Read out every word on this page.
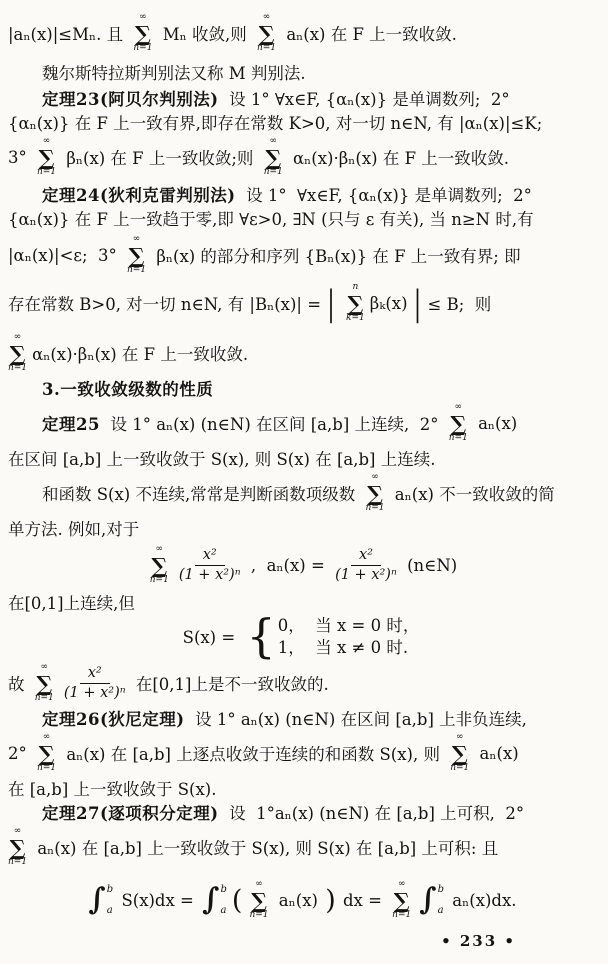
|aₙ(x)|≤Mₙ. 且
∞
∑
n=1
Mₙ 收敛,则
∞
∑
n=1
aₙ(x) 在 F 上一致收敛.
魏尔斯特拉斯判别法又称 M 判别法.
定理23(阿贝尔判别法) 设 1° ∀x∈F, {αₙ(x)} 是单调数列;  2°
{αₙ(x)} 在 F 上一致有界,即存在常数 K>0, 对一切 n∈N, 有 |αₙ(x)|≤K;
3°
∞
∑
n=1
βₙ(x) 在 F 上一致收敛;则
∞
∑
n=1
αₙ(x)·βₙ(x) 在 F 上一致收敛.
定理24(狄利克雷判别法) 设 1°  ∀x∈F, {αₙ(x)} 是单调数列;  2°
{αₙ(x)} 在 F 上一致趋于零,即 ∀ε>0, ∃N (只与 ε 有关), 当 n≥N 时,有
|αₙ(x)|<ε;  3°
∞
∑
n=1
βₙ(x) 的部分和序列 {Bₙ(x)} 在 F 上一致有界; 即
存在常数 B>0, 对一切 n∈N, 有 |Bₙ(x)| = | n
∑
k=1
βₖ(x) | ≤ B;  则
∞
∑
n=1
αₙ(x)·βₙ(x) 在 F 上一致收敛.
3.一致收敛级数的性质
定理25 设 1° aₙ(x) (n∈N) 在区间 [a,b] 上连续,  2°
∞
∑
n=1
aₙ(x)
在区间 [a,b] 上一致收敛于 S(x), 则 S(x) 在 [a,b] 上连续.
和函数 S(x) 不连续,常常是判断函数项级数
∞
∑
n=1
aₙ(x) 不一致收敛的简
单方法. 例如,对于
∞
∑
$n=1 \frac{\text{x²}}{\text{(1 + x²)ⁿ}}$ ,  $a_n(x) = \frac{\text{x²}}{\text{(1 + x²)ⁿ}}$ (n∈N)
在[0,1]上连续,但
S(x) = { 0，  当 x = 0 时，
1，  当 x ≠ 0 时.
故
∞
∑
$n=1 \frac{\text{x²}}{\text{(1 + x²)ⁿ}}$ 在[0,1]上是不一致收敛的.
定理26(狄尼定理) 设 1° aₙ(x) (n∈N) 在区间 [a,b] 上非负连续,
2°
∞
∑
n=1
aₙ(x) 在 [a,b] 上逐点收敛于连续的和函数 S(x), 则
∞
∑
n=1
aₙ(x)
在 [a,b] 上一致收敛于 S(x).
定理27(逐项积分定理) 设  1°aₙ(x) (n∈N) 在 [a,b] 上可积,  2°
∞
∑
n=1
aₙ(x) 在 [a,b] 上一致收敛于 S(x), 则 S(x) 在 [a,b] 上可积: 且
∫ b
a
S(x)dx = ∫ b
a (
∞
∑
n=1
aₙ(x) ) dx =
∞
∑
n=1 ∫ b
a
aₙ(x)dx.
• 233 •
